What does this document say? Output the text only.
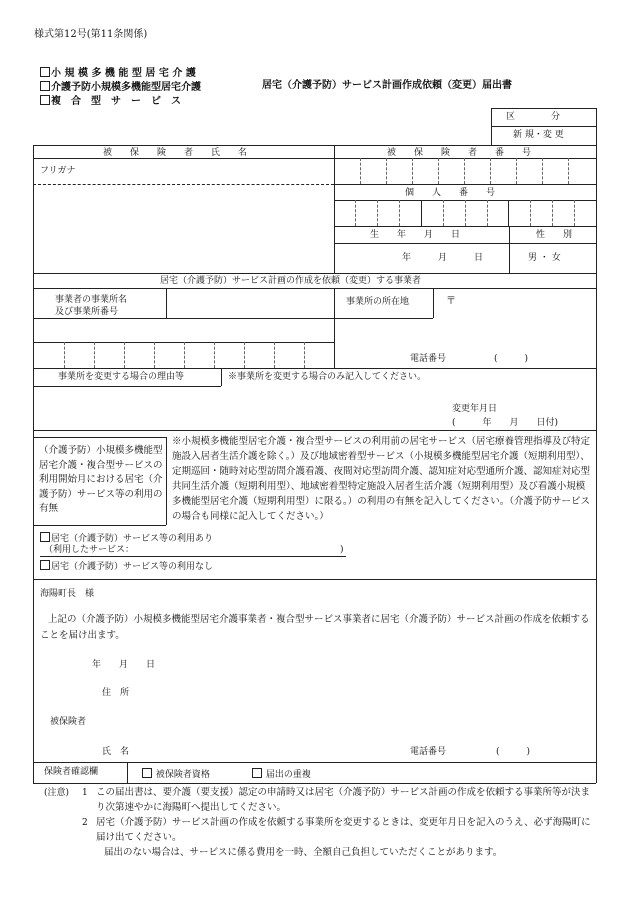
様式第12号(第11条関係)
小 規 模 多 機 能 型 居 宅 介 護
介護予防小規模多機能型居宅介護
複　合　型　サ　ー　ビ　ス
居宅（介護予防）サービス計画作成依頼（変更）届出書
区　　　　分
新 規・変 更
被　　保　　険　　者　　氏　　名	被　　保　　険　　者　　番　　号
フリガナ
個　　人　　番　　号
生　　年　　月　　日	性　　別
年　　　月　　　日	男 ・ 女
居宅（介護予防）サービス計画の作成を依頼（変更）する事業者
事業者の事業所名
及び事業所番号
事業所の所在地	〒
電話番号	(　　　)
事業所を変更する場合の理由等	※事業所を変更する場合のみ記入してください。
変更年月日
(　　　年　　月　　日付)
（介護予防）小規模多機能型居宅介護・複合型サービスの利用開始月における居宅（介護予防）サービス等の利用の有無
※小規模多機能型居宅介護・複合型サービスの利用前の居宅サービス（居宅療養管理指導及び特定施設入居者生活介護を除く。）及び地域密着型サービス（小規模多機能型居宅介護（短期利用型）、定期巡回・随時対応型訪問介護看護、夜間対応型訪問介護、認知症対応型通所介護、認知症対応型共同生活介護（短期利用型）、地域密着型特定施設入居者生活介護（短期利用型）及び看護小規模多機能型居宅介護（短期利用型）に限る。）の利用の有無を記入してください。（介護予防サービスの場合も同様に記入してください。）
居宅（介護予防）サービス等の利用あり
（利用したサービス：	)
居宅（介護予防）サービス等の利用なし
海陽町長　様
上記の（介護予防）小規模多機能型居宅介護事業者・複合型サービス事業者に居宅（介護予防）サービス計画の作成を依頼することを届け出ます。
年　　月　　日
住　所
被保険者
氏　名	電話番号	(　　　)
保険者確認欄	被保険者資格	届出の重複
(注意) 1 この届出書は、要介護（要支援）認定の申請時又は居宅（介護予防）サービス計画の作成を依頼する事業所等が決まり次第速やかに海陽町へ提出してください。
2 居宅（介護予防）サービス計画の作成を依頼する事業所を変更するときは、変更年月日を記入のうえ、必ず海陽町に届け出てください。
届出のない場合は、サービスに係る費用を一時、全額自己負担していただくことがあります。
